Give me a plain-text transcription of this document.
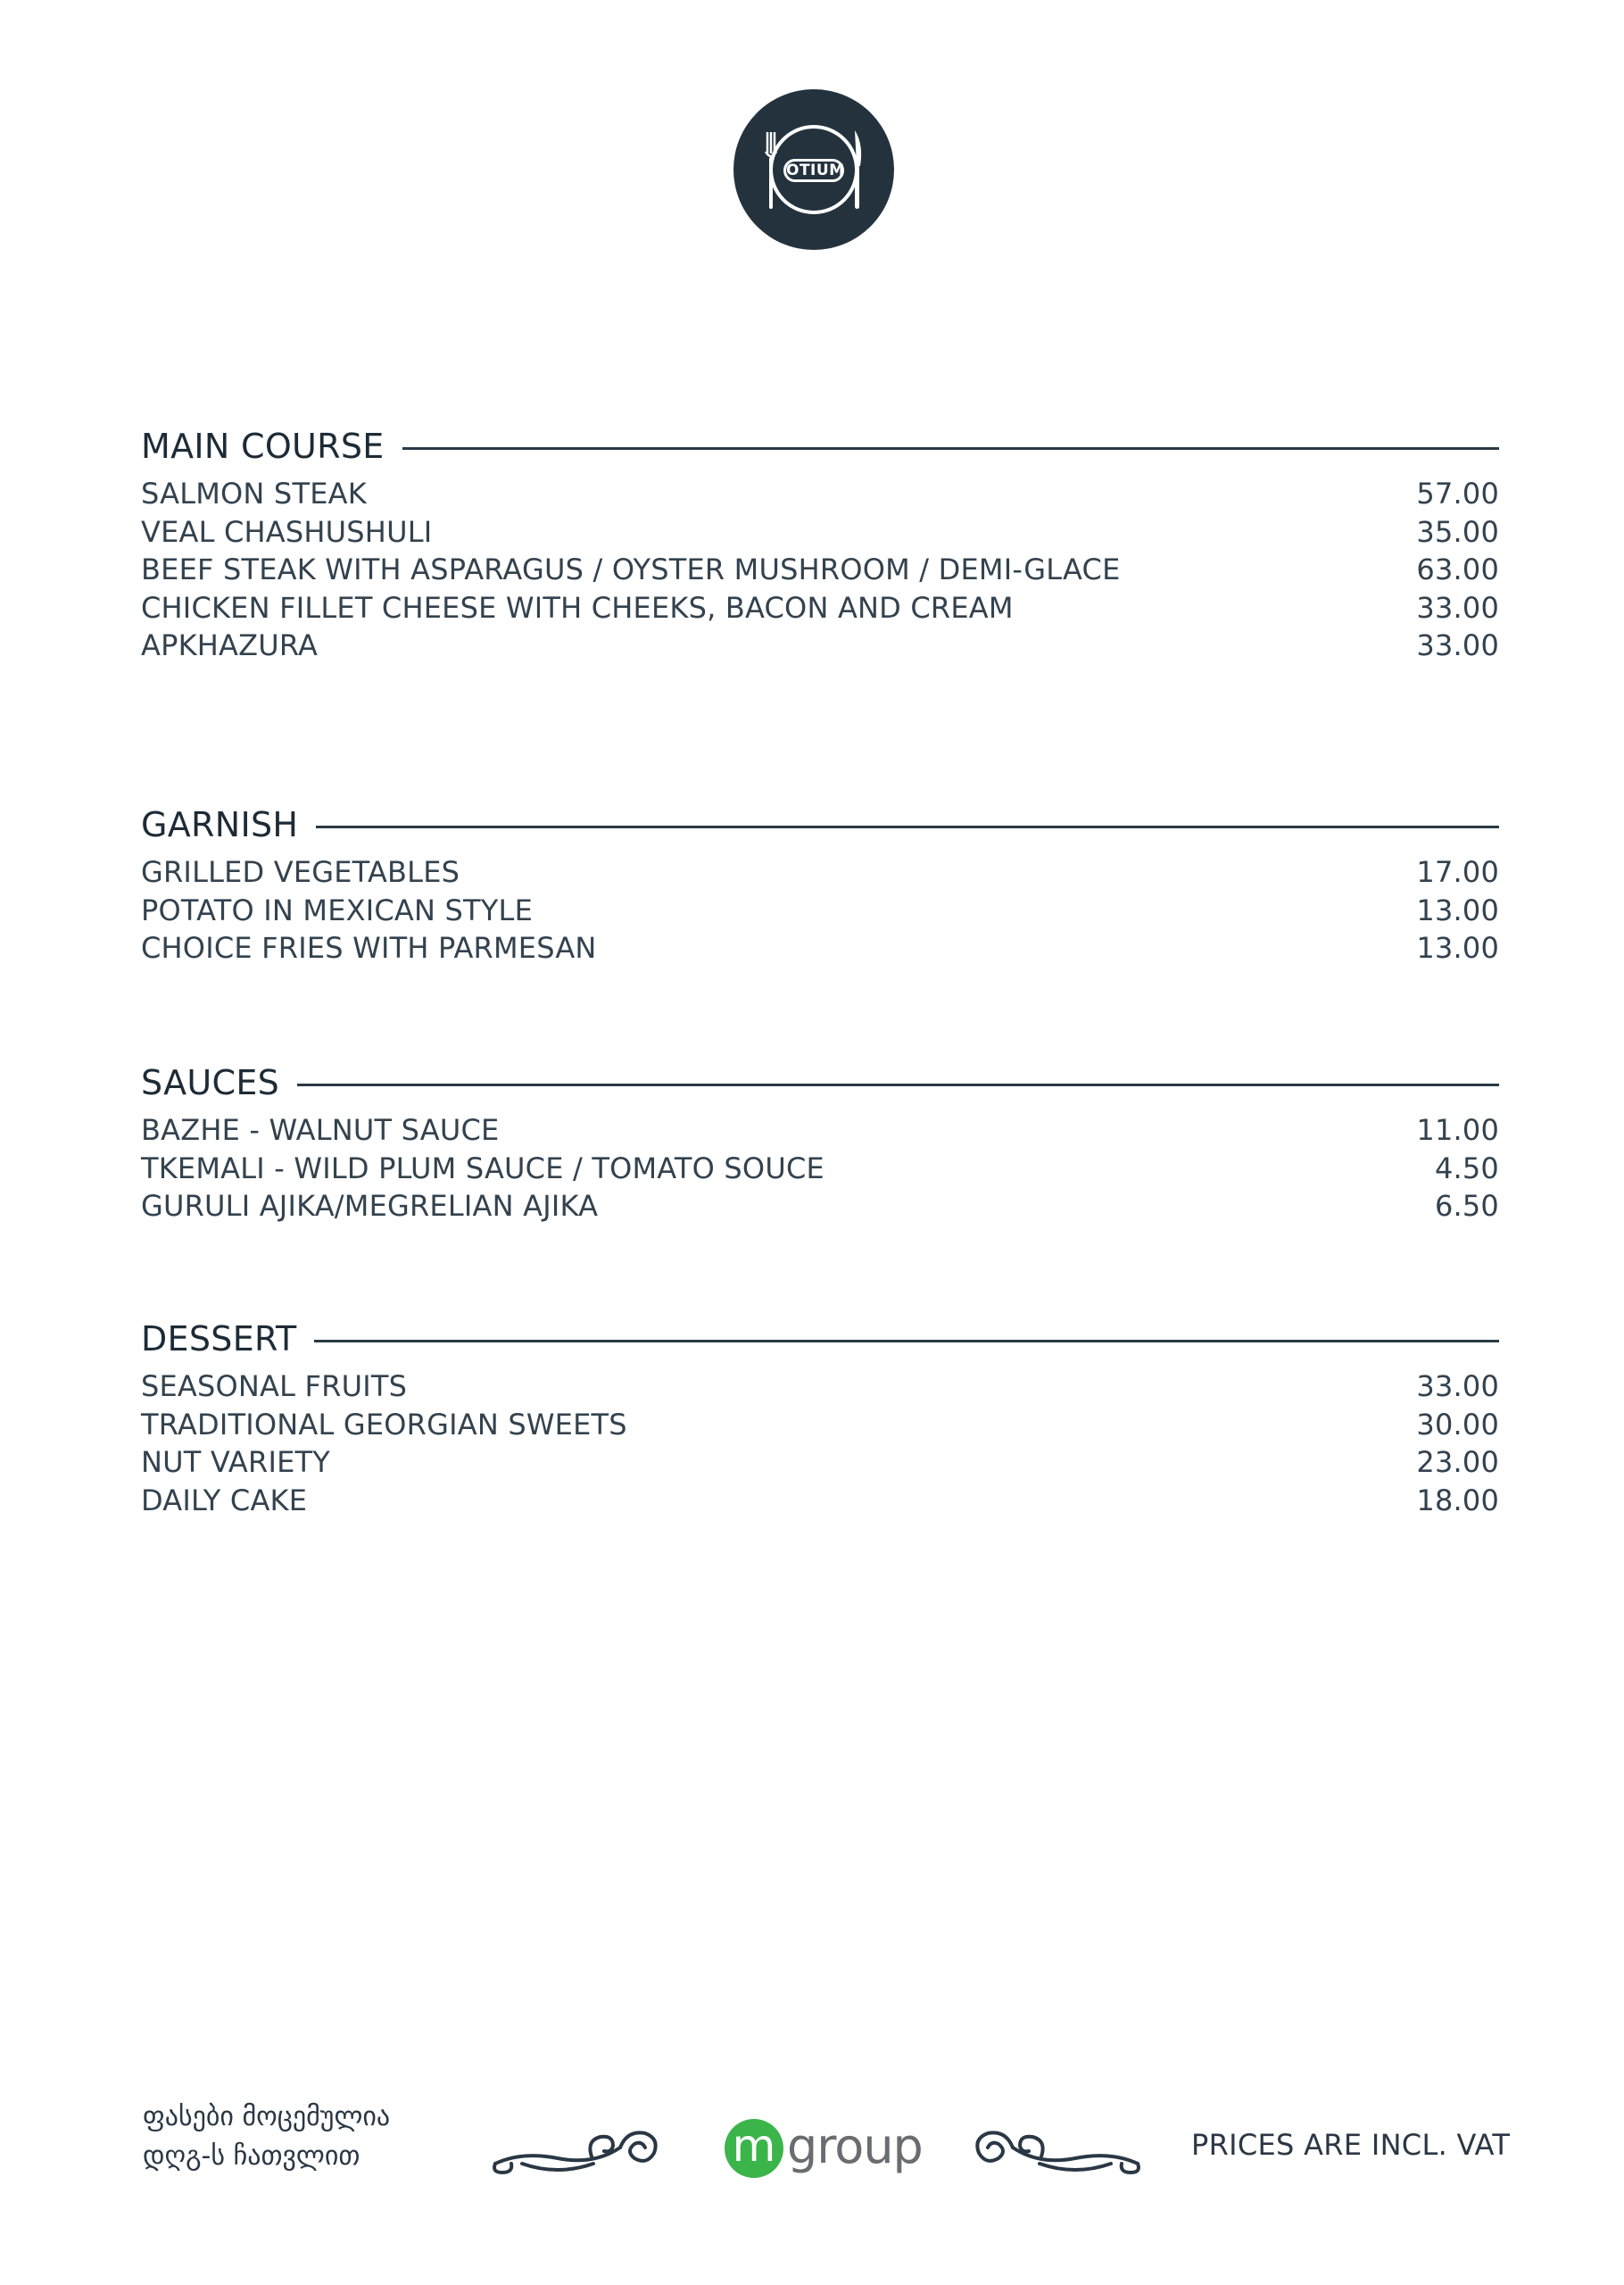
OTIUM
MAIN COURSE
SALMON STEAK	57.00
VEAL CHASHUSHULI	35.00
BEEF STEAK WITH ASPARAGUS / OYSTER MUSHROOM / DEMI-GLACE	63.00
CHICKEN FILLET CHEESE WITH CHEEKS, BACON AND CREAM	33.00
APKHAZURA	33.00
GARNISH
GRILLED VEGETABLES	17.00
POTATO IN MEXICAN STYLE	13.00
CHOICE FRIES WITH PARMESAN	13.00
SAUCES
BAZHE - WALNUT SAUCE	11.00
TKEMALI - WILD PLUM SAUCE / TOMATO SOUCE	4.50
GURULI AJIKA/MEGRELIAN AJIKA	6.50
DESSERT
SEASONAL FRUITS	33.00
TRADITIONAL GEORGIAN SWEETS	30.00
NUT VARIETY	23.00
DAILY CAKE	18.00
ფასები მოცემულია
დღგ-ს ჩათვლით	m group	PRICES ARE INCL. VAT
